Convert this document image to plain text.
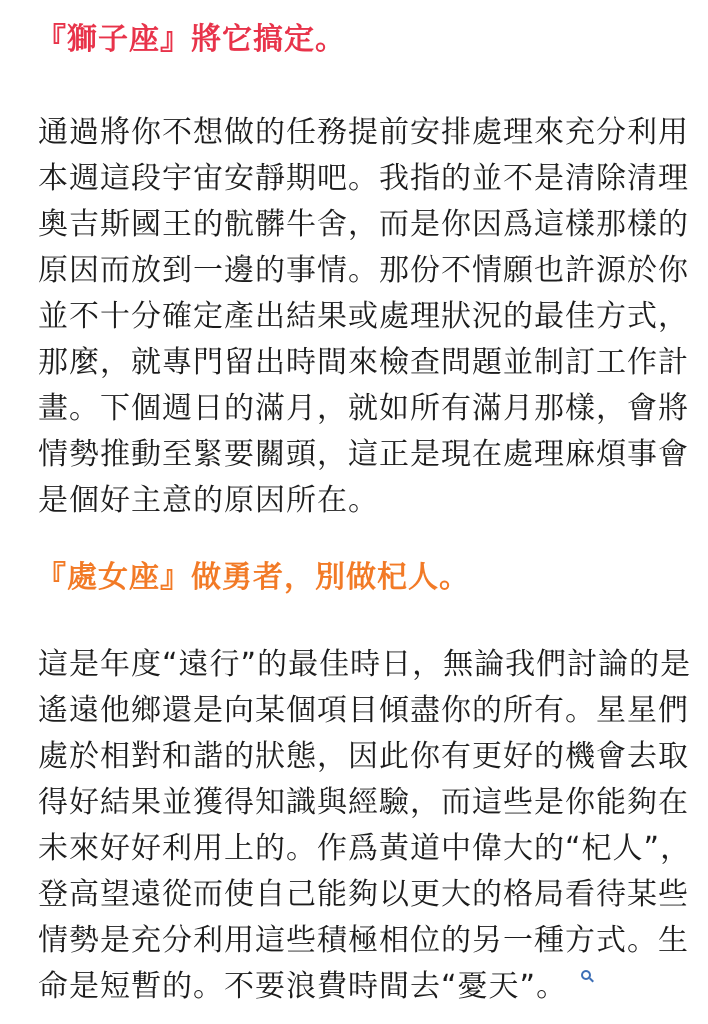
『獅子座』將它搞定。

通過將你不想做的任務提前安排處理來充分利用
本週這段宇宙安靜期吧。我指的並不是清除清理
奧吉斯國王的骯髒牛舍，而是你因爲這樣那樣的
原因而放到一邊的事情。那份不情願也許源於你
並不十分確定產出結果或處理狀況的最佳方式，
那麼，就專門留出時間來檢查問題並制訂工作計
畫。下個週日的滿月，就如所有滿月那樣，會將
情勢推動至緊要關頭，這正是現在處理麻煩事會
是個好主意的原因所在。

『處女座』做勇者，別做杞人。

這是年度“遠行”的最佳時日，無論我們討論的是
遙遠他鄉還是向某個項目傾盡你的所有。星星們
處於相對和諧的狀態，因此你有更好的機會去取
得好結果並獲得知識與經驗，而這些是你能夠在
未來好好利用上的。作爲黃道中偉大的“杞人”，
登高望遠從而使自己能夠以更大的格局看待某些
情勢是充分利用這些積極相位的另一種方式。生
命是短暫的。不要浪費時間去“憂天”。
